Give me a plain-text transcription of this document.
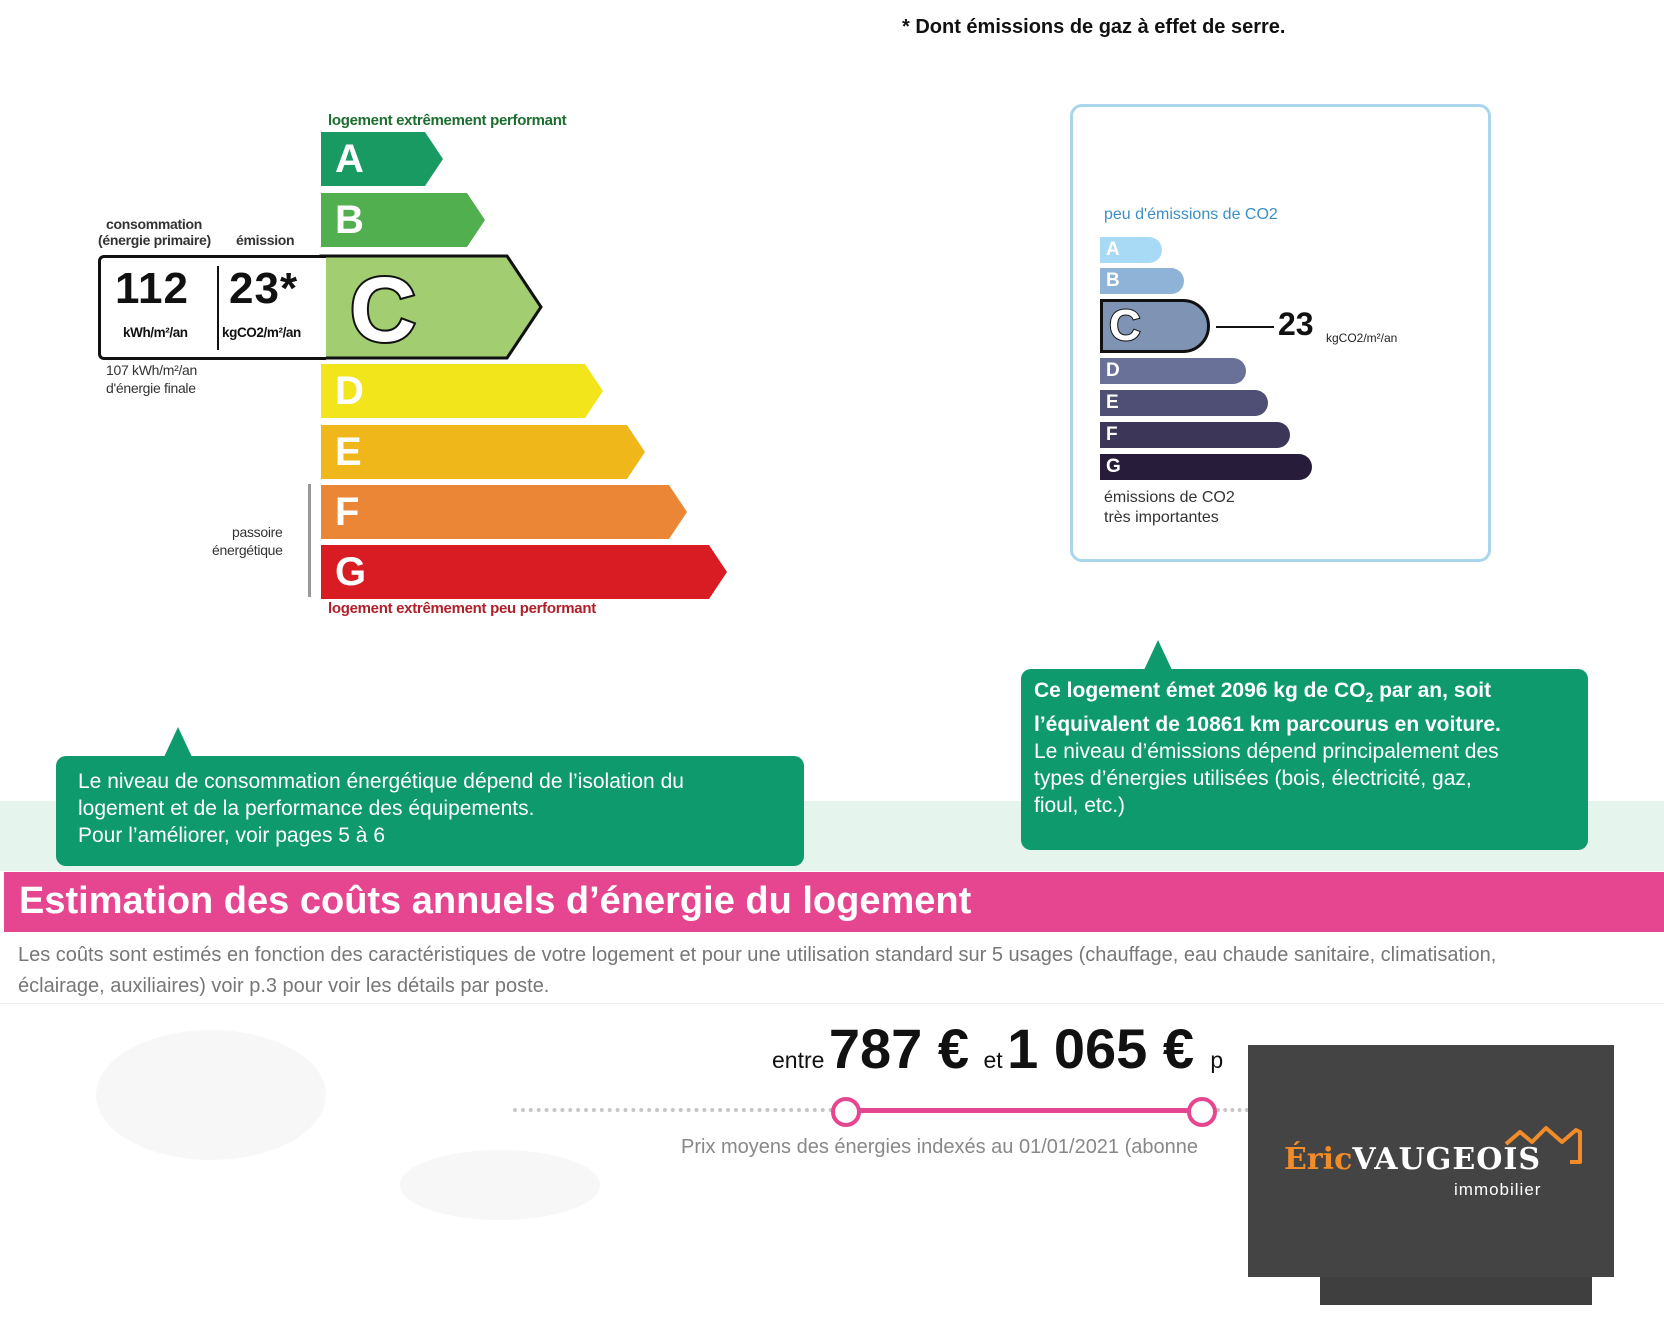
* Dont émissions de gaz à effet de serre.
logement extrêmement performant
A
B
D
E
F
G
C
consommation
(énergie primaire) émission
112
kWh/m²/an
23*
kgCO2/m²/an
107 kWh/m²/an
d'énergie finale
passoire
énergétique
logement extrêmement peu performant
peu d'émissions de CO2
A
B
D
E
F
G
C	23 kgCO2/m²/an
émissions de CO2
très importantes
Le niveau de consommation énergétique dépend de l’isolation du
logement et de la performance des équipements.
Pour l’améliorer, voir pages 5 à 6
Ce logement émet 2096 kg de $CO_2$ par an, soit
l’équivalent de 10861 km parcourus en voiture.
Le niveau d’émissions dépend principalement des
types d’énergies utilisées (bois, électricité, gaz,
fioul, etc.)
Estimation des coûts annuels d’énergie du logement
Les coûts sont estimés en fonction des caractéristiques de votre logement et pour une utilisation standard sur 5 usages (chauffage, eau chaude sanitaire, climatisation,
éclairage, auxiliaires) voir p.3 pour voir les détails par poste.
entre 787 € et 1 065 € p
Prix moyens des énergies indexés au 01/01/2021 (abonne	ÉricVAUGEOIS
immobilier
